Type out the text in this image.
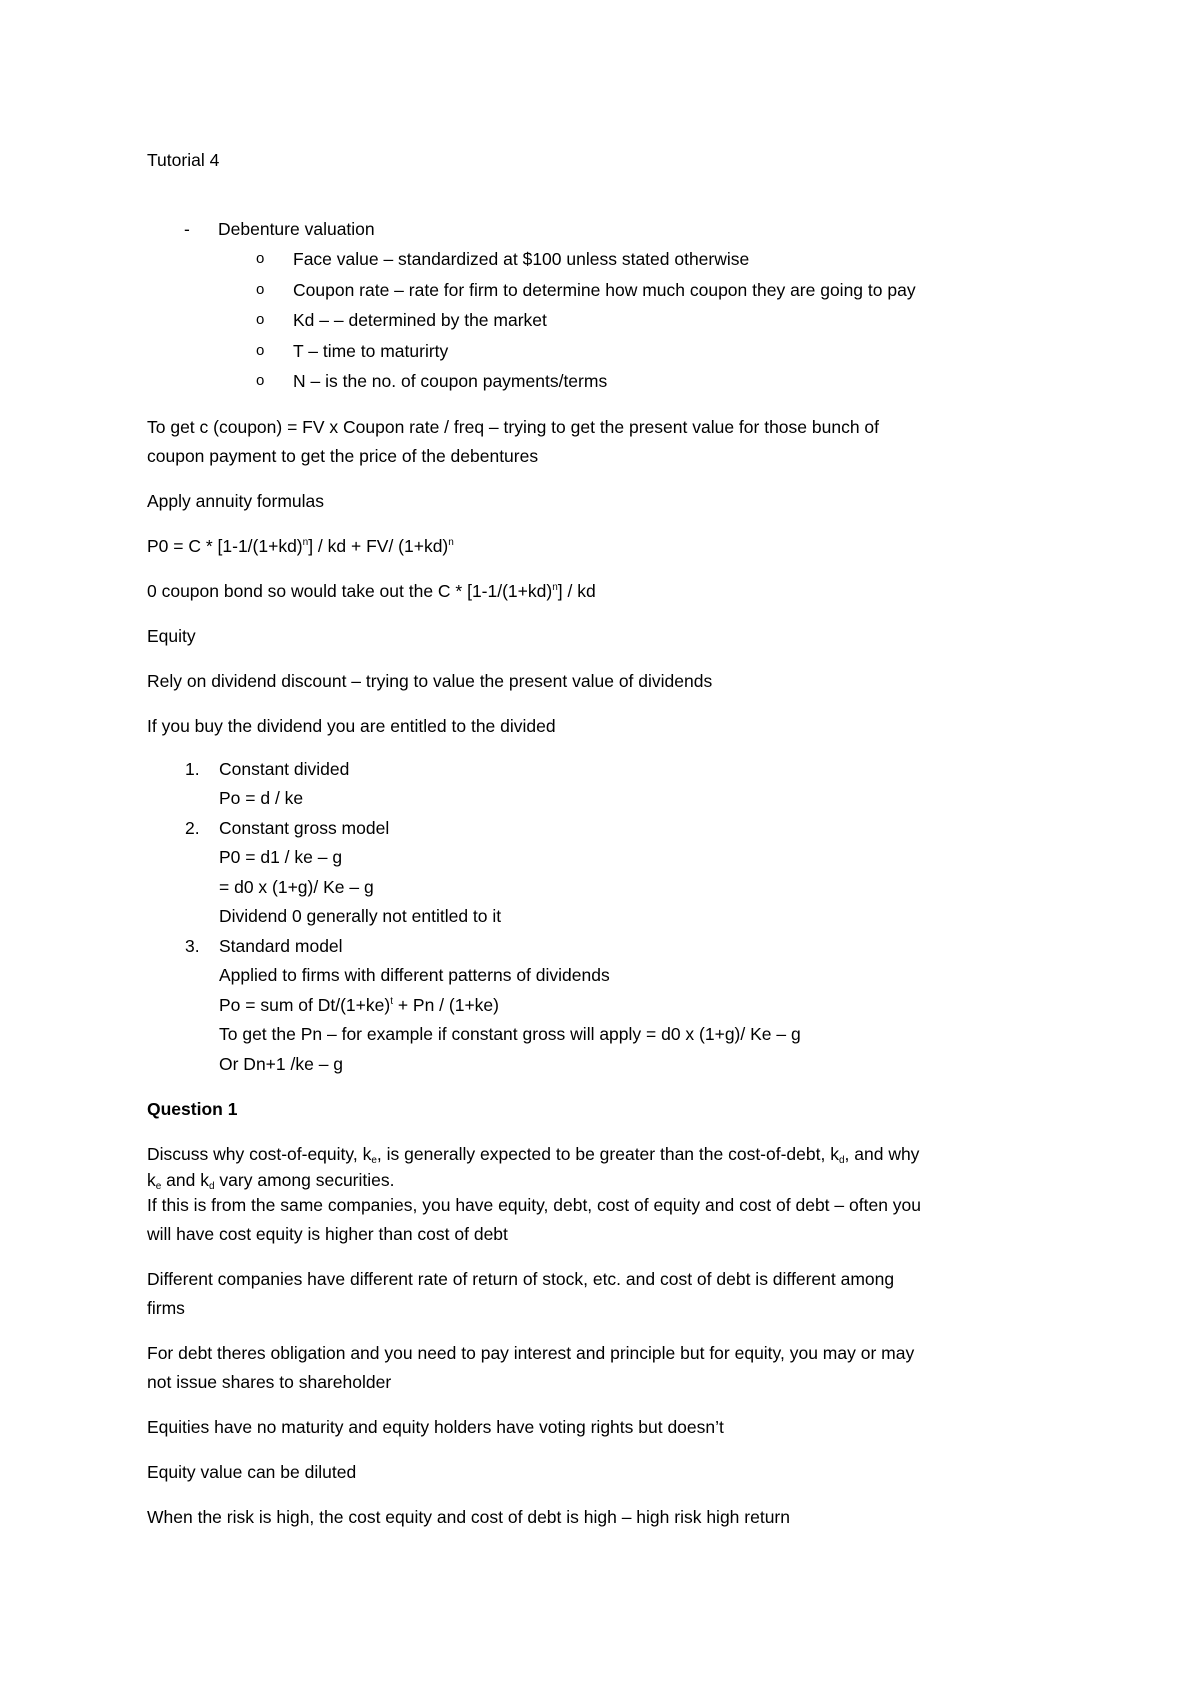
Tutorial 4

- Debenture valuation
o Face value – standardized at $100 unless stated otherwise
o Coupon rate – rate for firm to determine how much coupon they are going to pay
o Kd – – determined by the market
o T – time to maturirty
o N – is the no. of coupon payments/terms

To get c (coupon) = FV x Coupon rate / freq – trying to get the present value for those bunch of

coupon payment to get the price of the debentures

Apply annuity formulas

$P0 = C * [1-1/(1+kd)^n]$ / kd + FV/ $(1+kd)^n$

0 coupon bond so would take out the $C * [1-1/(1+kd)^n]$ / kd

Equity

Rely on dividend discount – trying to value the present value of dividends

If you buy the dividend you are entitled to the divided

1. Constant divided
Po = d / ke
2. Constant gross model
P0 = d1 / ke – g
= d0 x (1+g)/ Ke – g
Dividend 0 generally not entitled to it
3. Standard model
Applied to firms with different patterns of dividends
Po = sum of $Dt/(1+ke)^t + Pn / (1+ke)$
To get the Pn – for example if constant gross will apply = d0 x (1+g)/ Ke – g
Or Dn+1 /ke – g

Question 1

Discuss why cost-of-equity, $k_e$, is generally expected to be greater than the cost-of-debt, $k_d$, and why

$k_e$ and $k_d$ vary among securities.

If this is from the same companies, you have equity, debt, cost of equity and cost of debt – often you

will have cost equity is higher than cost of debt

Different companies have different rate of return of stock, etc. and cost of debt is different among

firms

For debt theres obligation and you need to pay interest and principle but for equity, you may or may

not issue shares to shareholder

Equities have no maturity and equity holders have voting rights but doesn’t

Equity value can be diluted

When the risk is high, the cost equity and cost of debt is high – high risk high return
